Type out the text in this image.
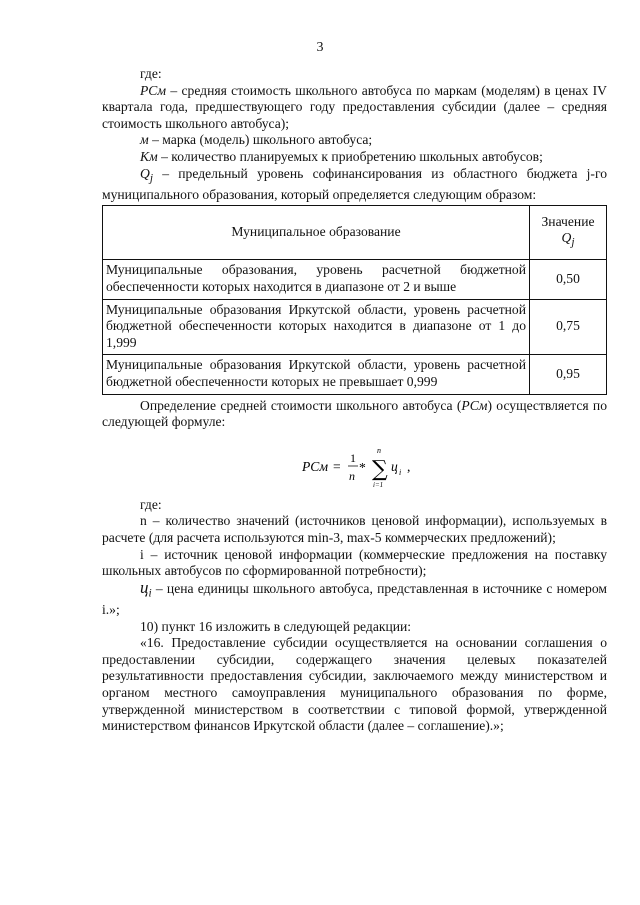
3

где:

РСм – средняя стоимость школьного автобуса по маркам (моделям) в ценах IV квартала года, предшествующего году предоставления субсидии (далее – средняя стоимость школьного автобуса);

м – марка (модель) школьного автобуса;

Км – количество планируемых к приобретению школьных автобусов;

$Q_j$ – предельный уровень софинансирования из областного бюджета j-го муниципального образования, который определяется следующим образом:

Муниципальное образование	Значение
$Q_j$

Муниципальные образования, уровень расчетной бюджетной обеспеченности которых находится в диапазоне от 2 и выше	0,50
Муниципальные образования Иркутской области, уровень расчетной бюджетной обеспеченности которых находится в диапазоне от 1 до 1,999	0,75
Муниципальные образования Иркутской области, уровень расчетной бюджетной обеспеченности которых не превышает 0,999	0,95

Определение средней стоимости школьного автобуса (РСм) осуществляется по следующей формуле:

РСм =
1
n
*
n
∑
i=1
ц i ,

где:

n – количество значений (источников ценовой информации), используемых в расчете (для расчета используются min-3, max-5 коммерческих предложений);

i – источник ценовой информации (коммерческие предложения на поставку школьных автобусов по сформированной потребности);

$ц_i$ – цена единицы школьного автобуса, представленная в источнике с номером i.»;

10) пункт 16 изложить в следующей редакции:

«16. Предоставление субсидии осуществляется на основании соглашения о предоставлении субсидии, содержащего значения целевых показателей результативности предоставления субсидии, заключаемого между министерством и органом местного самоуправления муниципального образования по форме, утвержденной министерством в соответствии с типовой формой, утвержденной министерством финансов Иркутской области (далее – соглашение).»;
